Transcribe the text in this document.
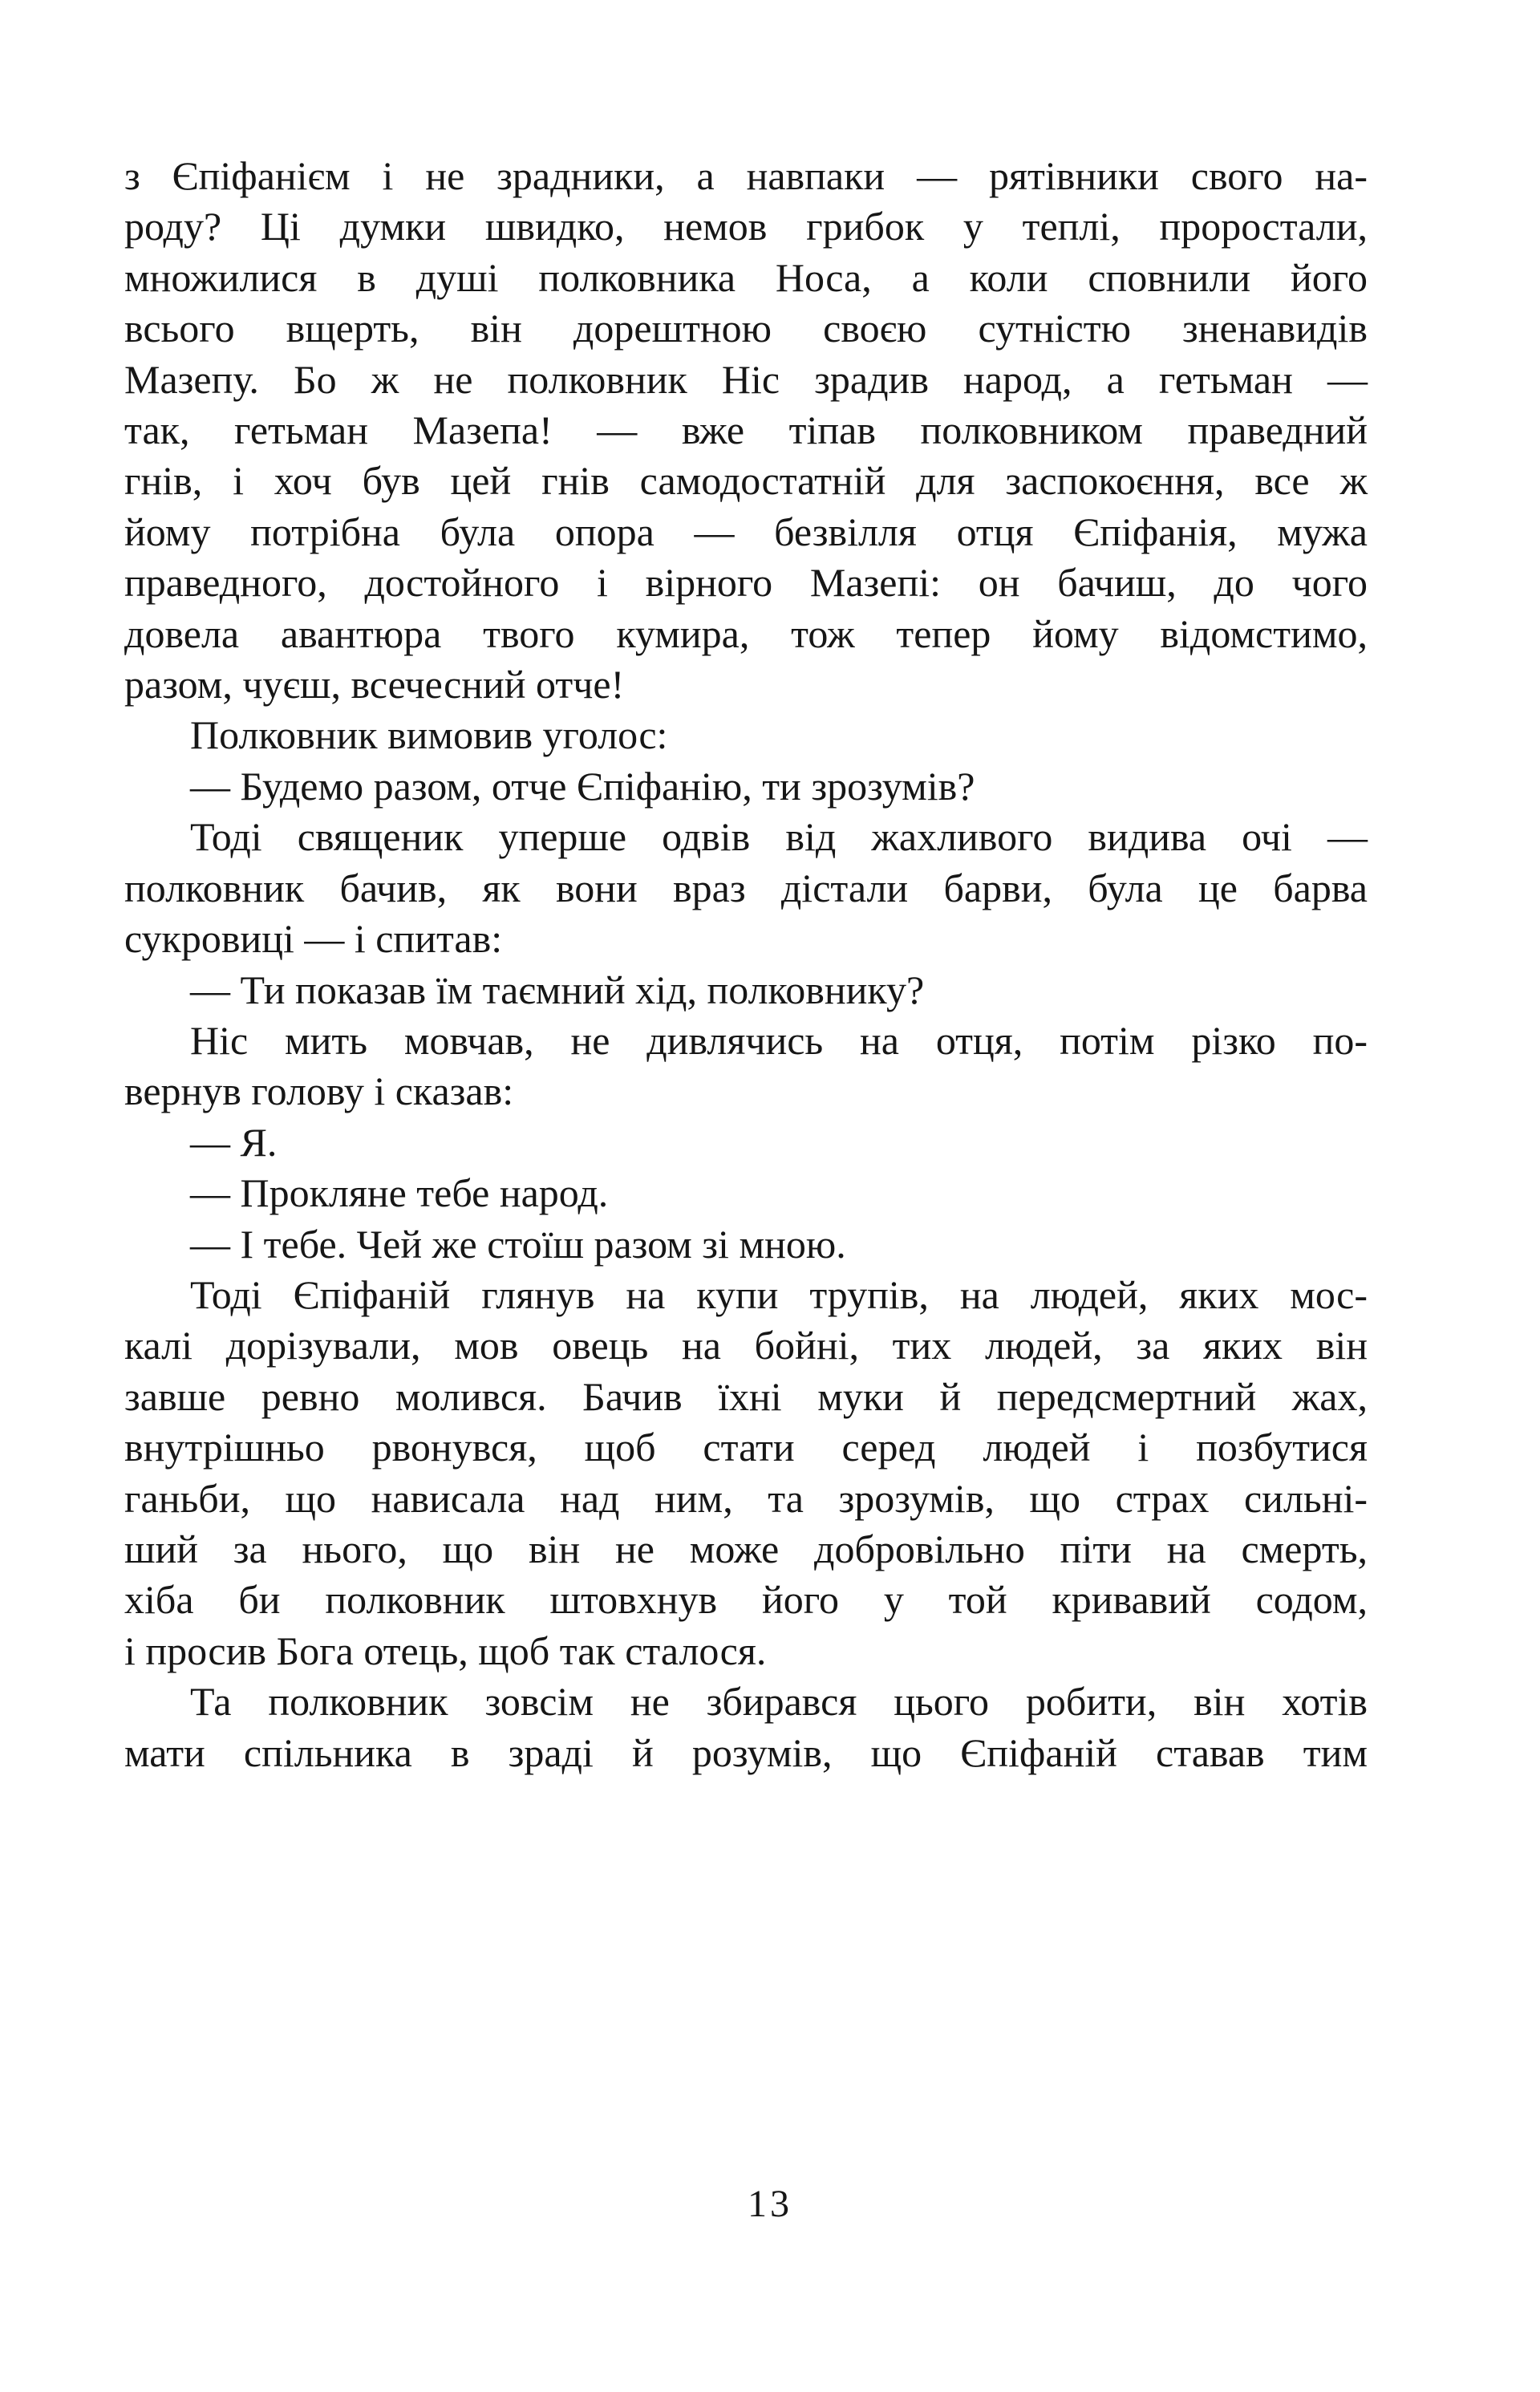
з Єпіфанієм і не зрадники, а навпаки — рятівники свого на-
роду? Ці думки швидко, немов грибок у теплі, проростали,
множилися в душі полковника Носа, а коли сповнили його
всього вщерть, він дорештною своєю сутністю зненавидів
Мазепу. Бо ж не полковник Ніс зрадив народ, а гетьман —
так, гетьман Мазепа! — вже тіпав полковником праведний
гнів, і хоч був цей гнів самодостатній для заспокоєння, все ж
йому потрібна була опора — безвілля отця Єпіфанія, мужа
праведного, достойного і вірного Мазепі: он бачиш, до чого
довела авантюра твого кумира, тож тепер йому відомстимо,
разом, чуєш, всечесний отче!

Полковник вимовив уголос:

— Будемо разом, отче Єпіфанію, ти зрозумів?

Тоді священик уперше одвів від жахливого видива очі —
полковник бачив, як вони враз дістали барви, була це барва
сукровиці — і спитав:

— Ти показав їм таємний хід, полковнику?

Ніс мить мовчав, не дивлячись на отця, потім різко по-
вернув голову і сказав:

— Я.

— Прокляне тебе народ.

— І тебе. Чей же стоїш разом зі мною.

Тоді Єпіфаній глянув на купи трупів, на людей, яких мос-
калі дорізували, мов овець на бойні, тих людей, за яких він
завше ревно молився. Бачив їхні муки й передсмертний жах,
внутрішньо рвонувся, щоб стати серед людей і позбутися
ганьби, що нависала над ним, та зрозумів, що страх сильні-
ший за нього, що він не може добровільно піти на смерть,
хіба би полковник штовхнув його у той кривавий содом,
і просив Бога отець, щоб так сталося.

Та полковник зовсім не збирався цього робити, він хотів
мати спільника в зраді й розумів, що Єпіфаній ставав тим

13
